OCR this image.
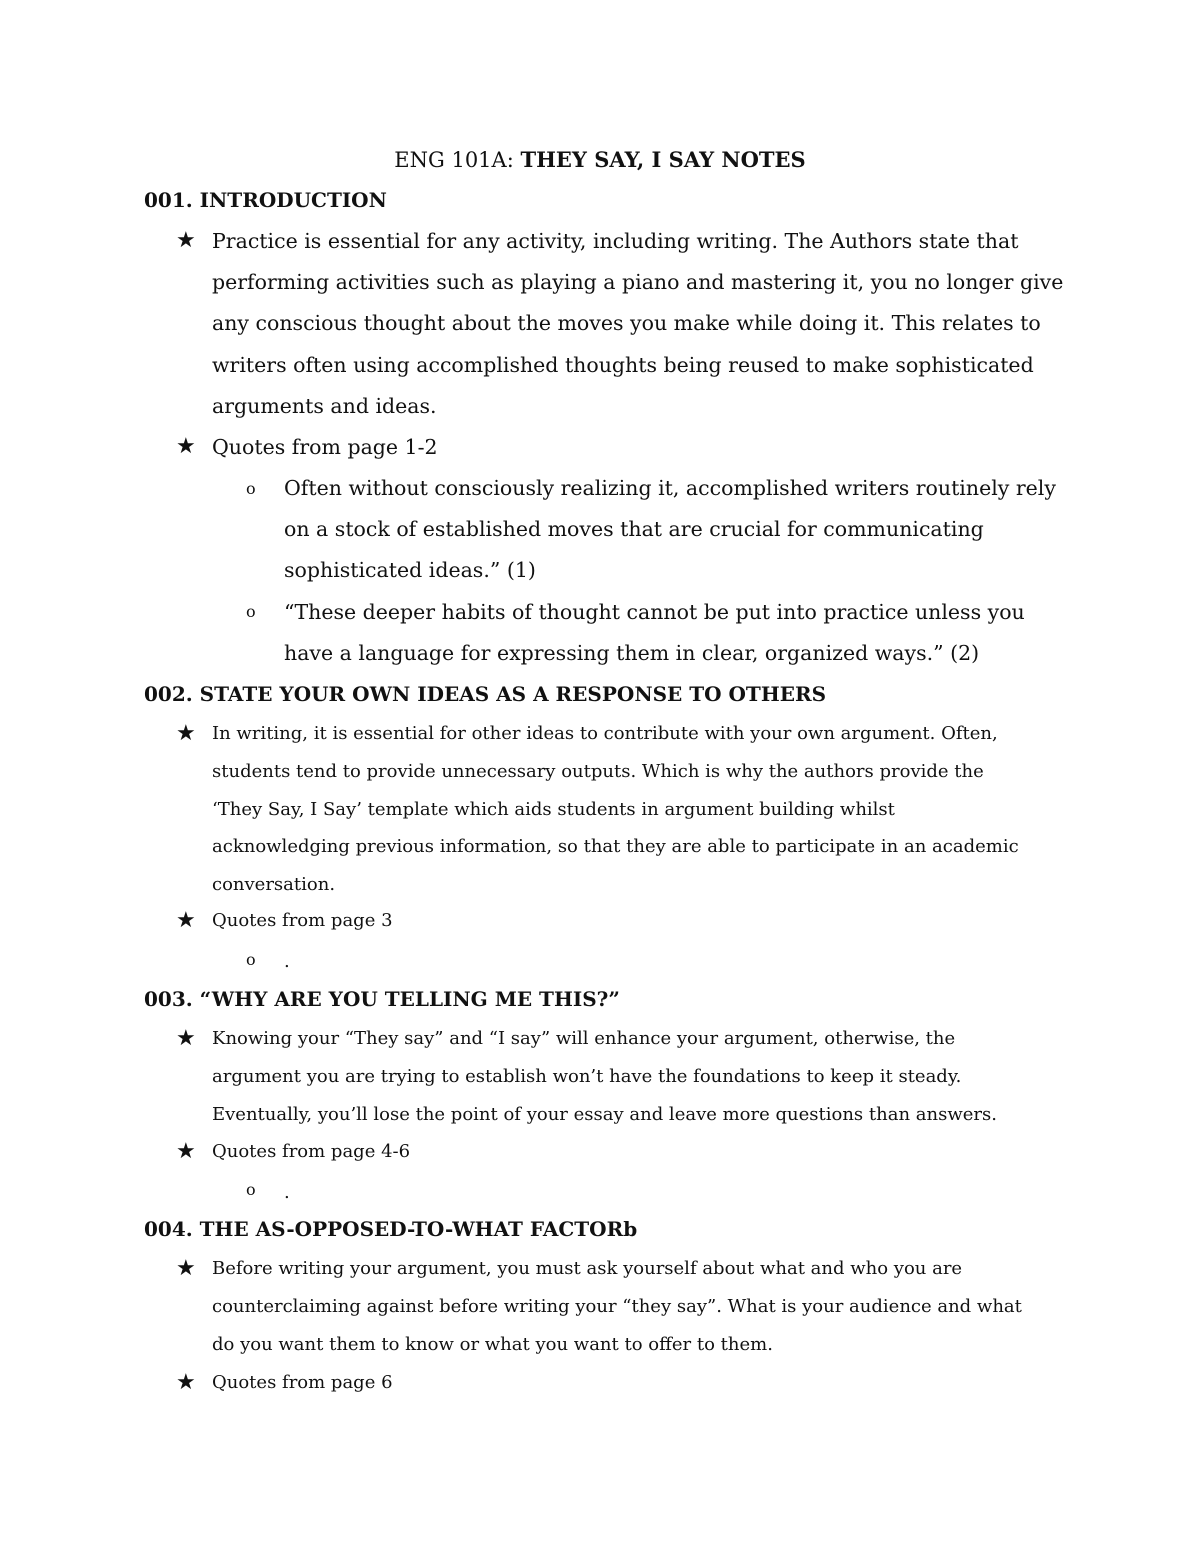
ENG 101A: THEY SAY, I SAY NOTES
001. INTRODUCTION
★ Practice is essential for any activity, including writing. The Authors state that
performing activities such as playing a piano and mastering it, you no longer give
any conscious thought about the moves you make while doing it. This relates to
writers often using accomplished thoughts being reused to make sophisticated
arguments and ideas.
★ Quotes from page 1-2
o	Often without consciously realizing it, accomplished writers routinely rely
on a stock of established moves that are crucial for communicating
sophisticated ideas.” (1)
o	“These deeper habits of thought cannot be put into practice unless you
have a language for expressing them in clear, organized ways.” (2)
002. STATE YOUR OWN IDEAS AS A RESPONSE TO OTHERS
★ In writing, it is essential for other ideas to contribute with your own argument. Often,
students tend to provide unnecessary outputs. Which is why the authors provide the
‘They Say, I Say’ template which aids students in argument building whilst
acknowledging previous information, so that they are able to participate in an academic
conversation.
★ Quotes from page 3
o	.
003. “WHY ARE YOU TELLING ME THIS?”
★ Knowing your “They say” and “I say” will enhance your argument, otherwise, the
argument you are trying to establish won’t have the foundations to keep it steady.
Eventually, you’ll lose the point of your essay and leave more questions than answers.
★ Quotes from page 4-6
o	.
004. THE AS-OPPOSED-TO-WHAT FACTORb
★ Before writing your argument, you must ask yourself about what and who you are
counterclaiming against before writing your “they say”. What is your audience and what
do you want them to know or what you want to offer to them.
★ Quotes from page 6
